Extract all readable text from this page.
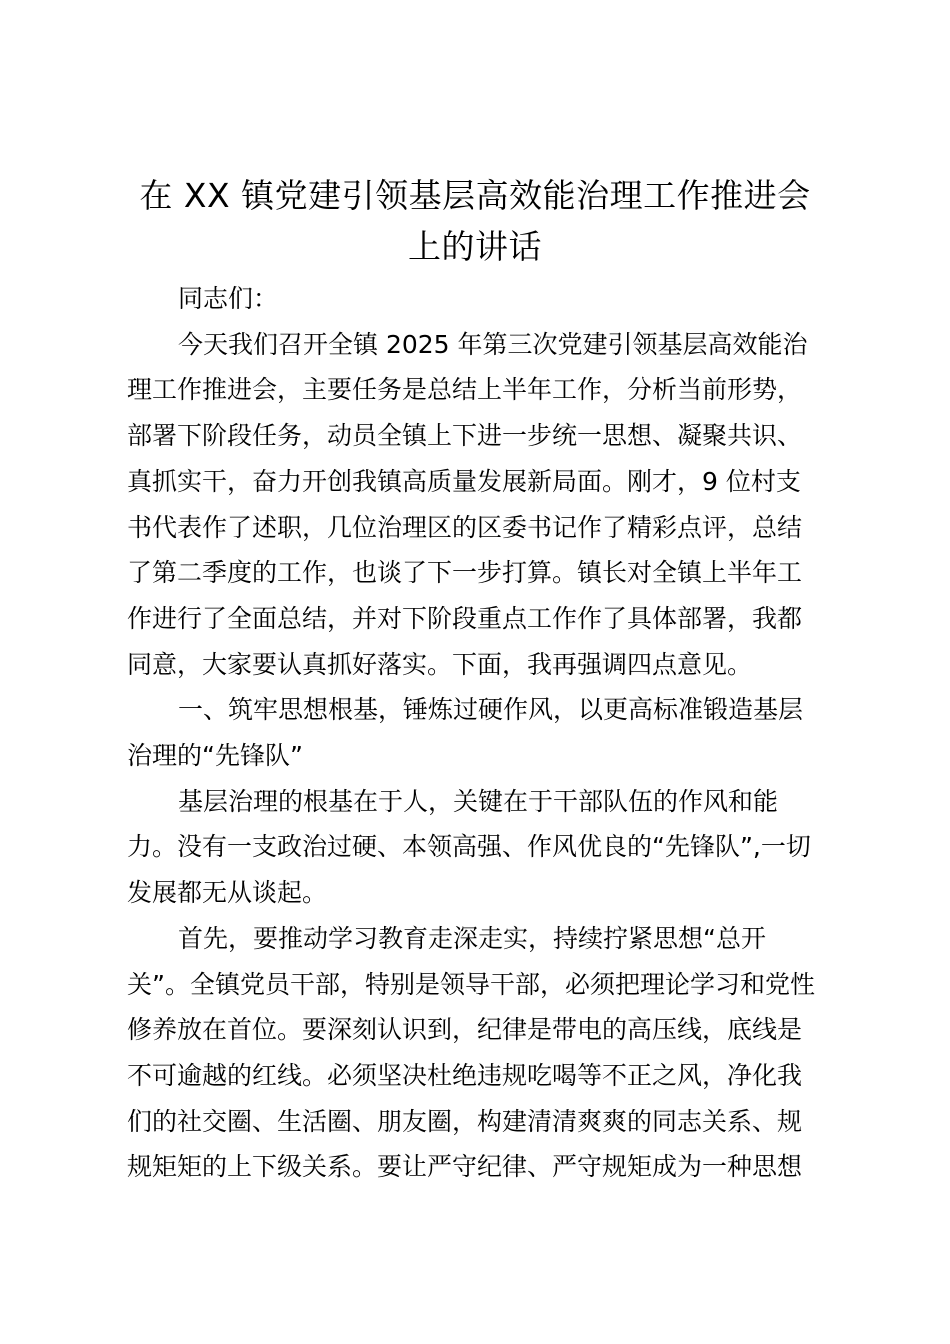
在 XX 镇党建引领基层高效能治理工作推进会
上的讲话
同志们：
今天我们召开全镇 2025 年第三次党建引领基层高效能治
理工作推进会，主要任务是总结上半年工作，分析当前形势，
部署下阶段任务，动员全镇上下进一步统一思想、凝聚共识、
真抓实干，奋力开创我镇高质量发展新局面。刚才，9 位村支
书代表作了述职，几位治理区的区委书记作了精彩点评，总结
了第二季度的工作，也谈了下一步打算。镇长对全镇上半年工
作进行了全面总结，并对下阶段重点工作作了具体部署，我都
同意，大家要认真抓好落实。下面，我再强调四点意见。
一、筑牢思想根基，锤炼过硬作风，以更高标准锻造基层
治理的“先锋队”
基层治理的根基在于人，关键在于干部队伍的作风和能
力。没有一支政治过硬、本领高强、作风优良的“先锋队”,一切
发展都无从谈起。
首先，要推动学习教育走深走实，持续拧紧思想“总开
关”。全镇党员干部，特别是领导干部，必须把理论学习和党性
修养放在首位。要深刻认识到，纪律是带电的高压线，底线是
不可逾越的红线。必须坚决杜绝违规吃喝等不正之风，净化我
们的社交圈、生活圈、朋友圈，构建清清爽爽的同志关系、规
规矩矩的上下级关系。要让严守纪律、严守规矩成为一种思想
